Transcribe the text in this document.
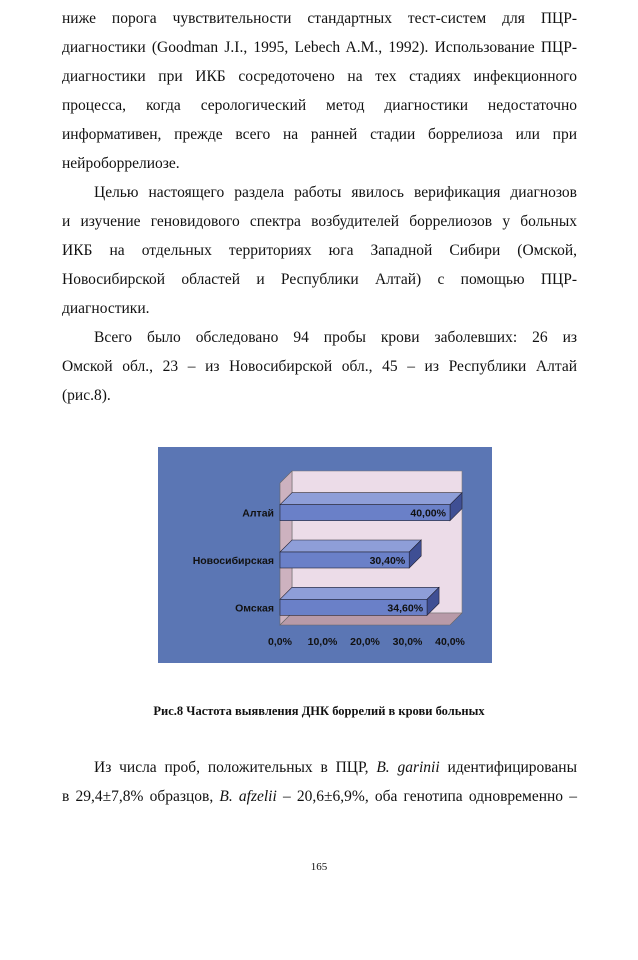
ниже порога чувствительности стандартных тест-систем для ПЦР-
диагностики (Goodman J.I., 1995, Lebech A.M., 1992). Использование ПЦР-
диагностики при ИКБ сосредоточено на тех стадиях инфекционного
процесса, когда серологический метод диагностики недостаточно
информативен, прежде всего на ранней стадии боррелиоза или при
нейроборрелиозе.
Целью настоящего раздела работы явилось верификация диагнозов
и изучение геновидового спектра возбудителей боррелиозов у больных
ИКБ на отдельных территориях юга Западной Сибири (Омской,
Новосибирской областей и Республики Алтай) с помощью ПЦР-
диагностики.
Всего было обследовано 94 пробы крови заболевших: 26 из
Омской обл., 23 – из Новосибирской обл., 45 – из Республики Алтай
(рис.8).
40,00%
Алтай
30,40%
Новосибирская
34,60%
Омская
0,0% 10,0% 20,0% 30,0% 40,0%
Рис.8 Частота выявления ДНК боррелий в крови больных
Из числа проб, положительных в ПЦР, B. garinii идентифицированы
в 29,4±7,8% образцов, B. afzelii – 20,6±6,9%, оба генотипа одновременно –
165
